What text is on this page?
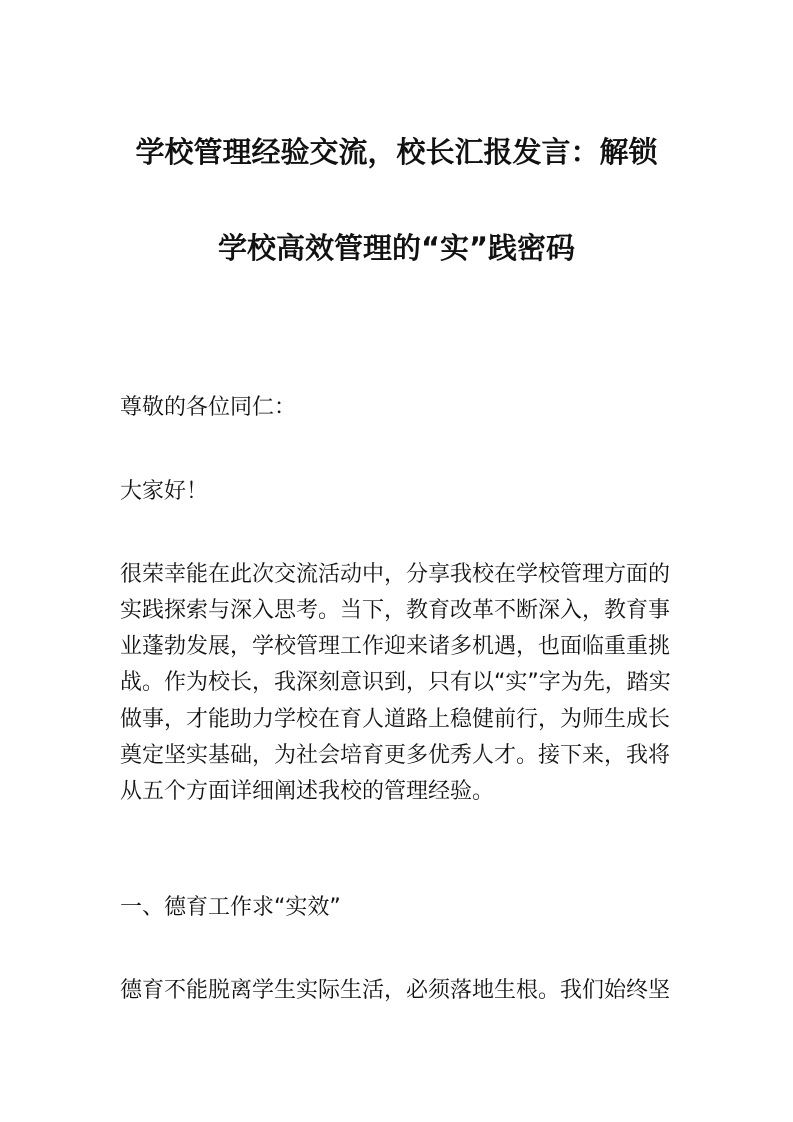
学校管理经验交流，校长汇报发言：解锁
学校高效管理的“实”践密码
尊敬的各位同仁：
大家好！
很荣幸能在此次交流活动中，分享我校在学校管理方面的
实践探索与深入思考。当下，教育改革不断深入，教育事
业蓬勃发展，学校管理工作迎来诸多机遇，也面临重重挑
战。作为校长，我深刻意识到，只有以“实”字为先，踏实
做事，才能助力学校在育人道路上稳健前行，为师生成长
奠定坚实基础，为社会培育更多优秀人才。接下来，我将
从五个方面详细阐述我校的管理经验。
一、德育工作求“实效”
德育不能脱离学生实际生活，必须落地生根。我们始终坚
